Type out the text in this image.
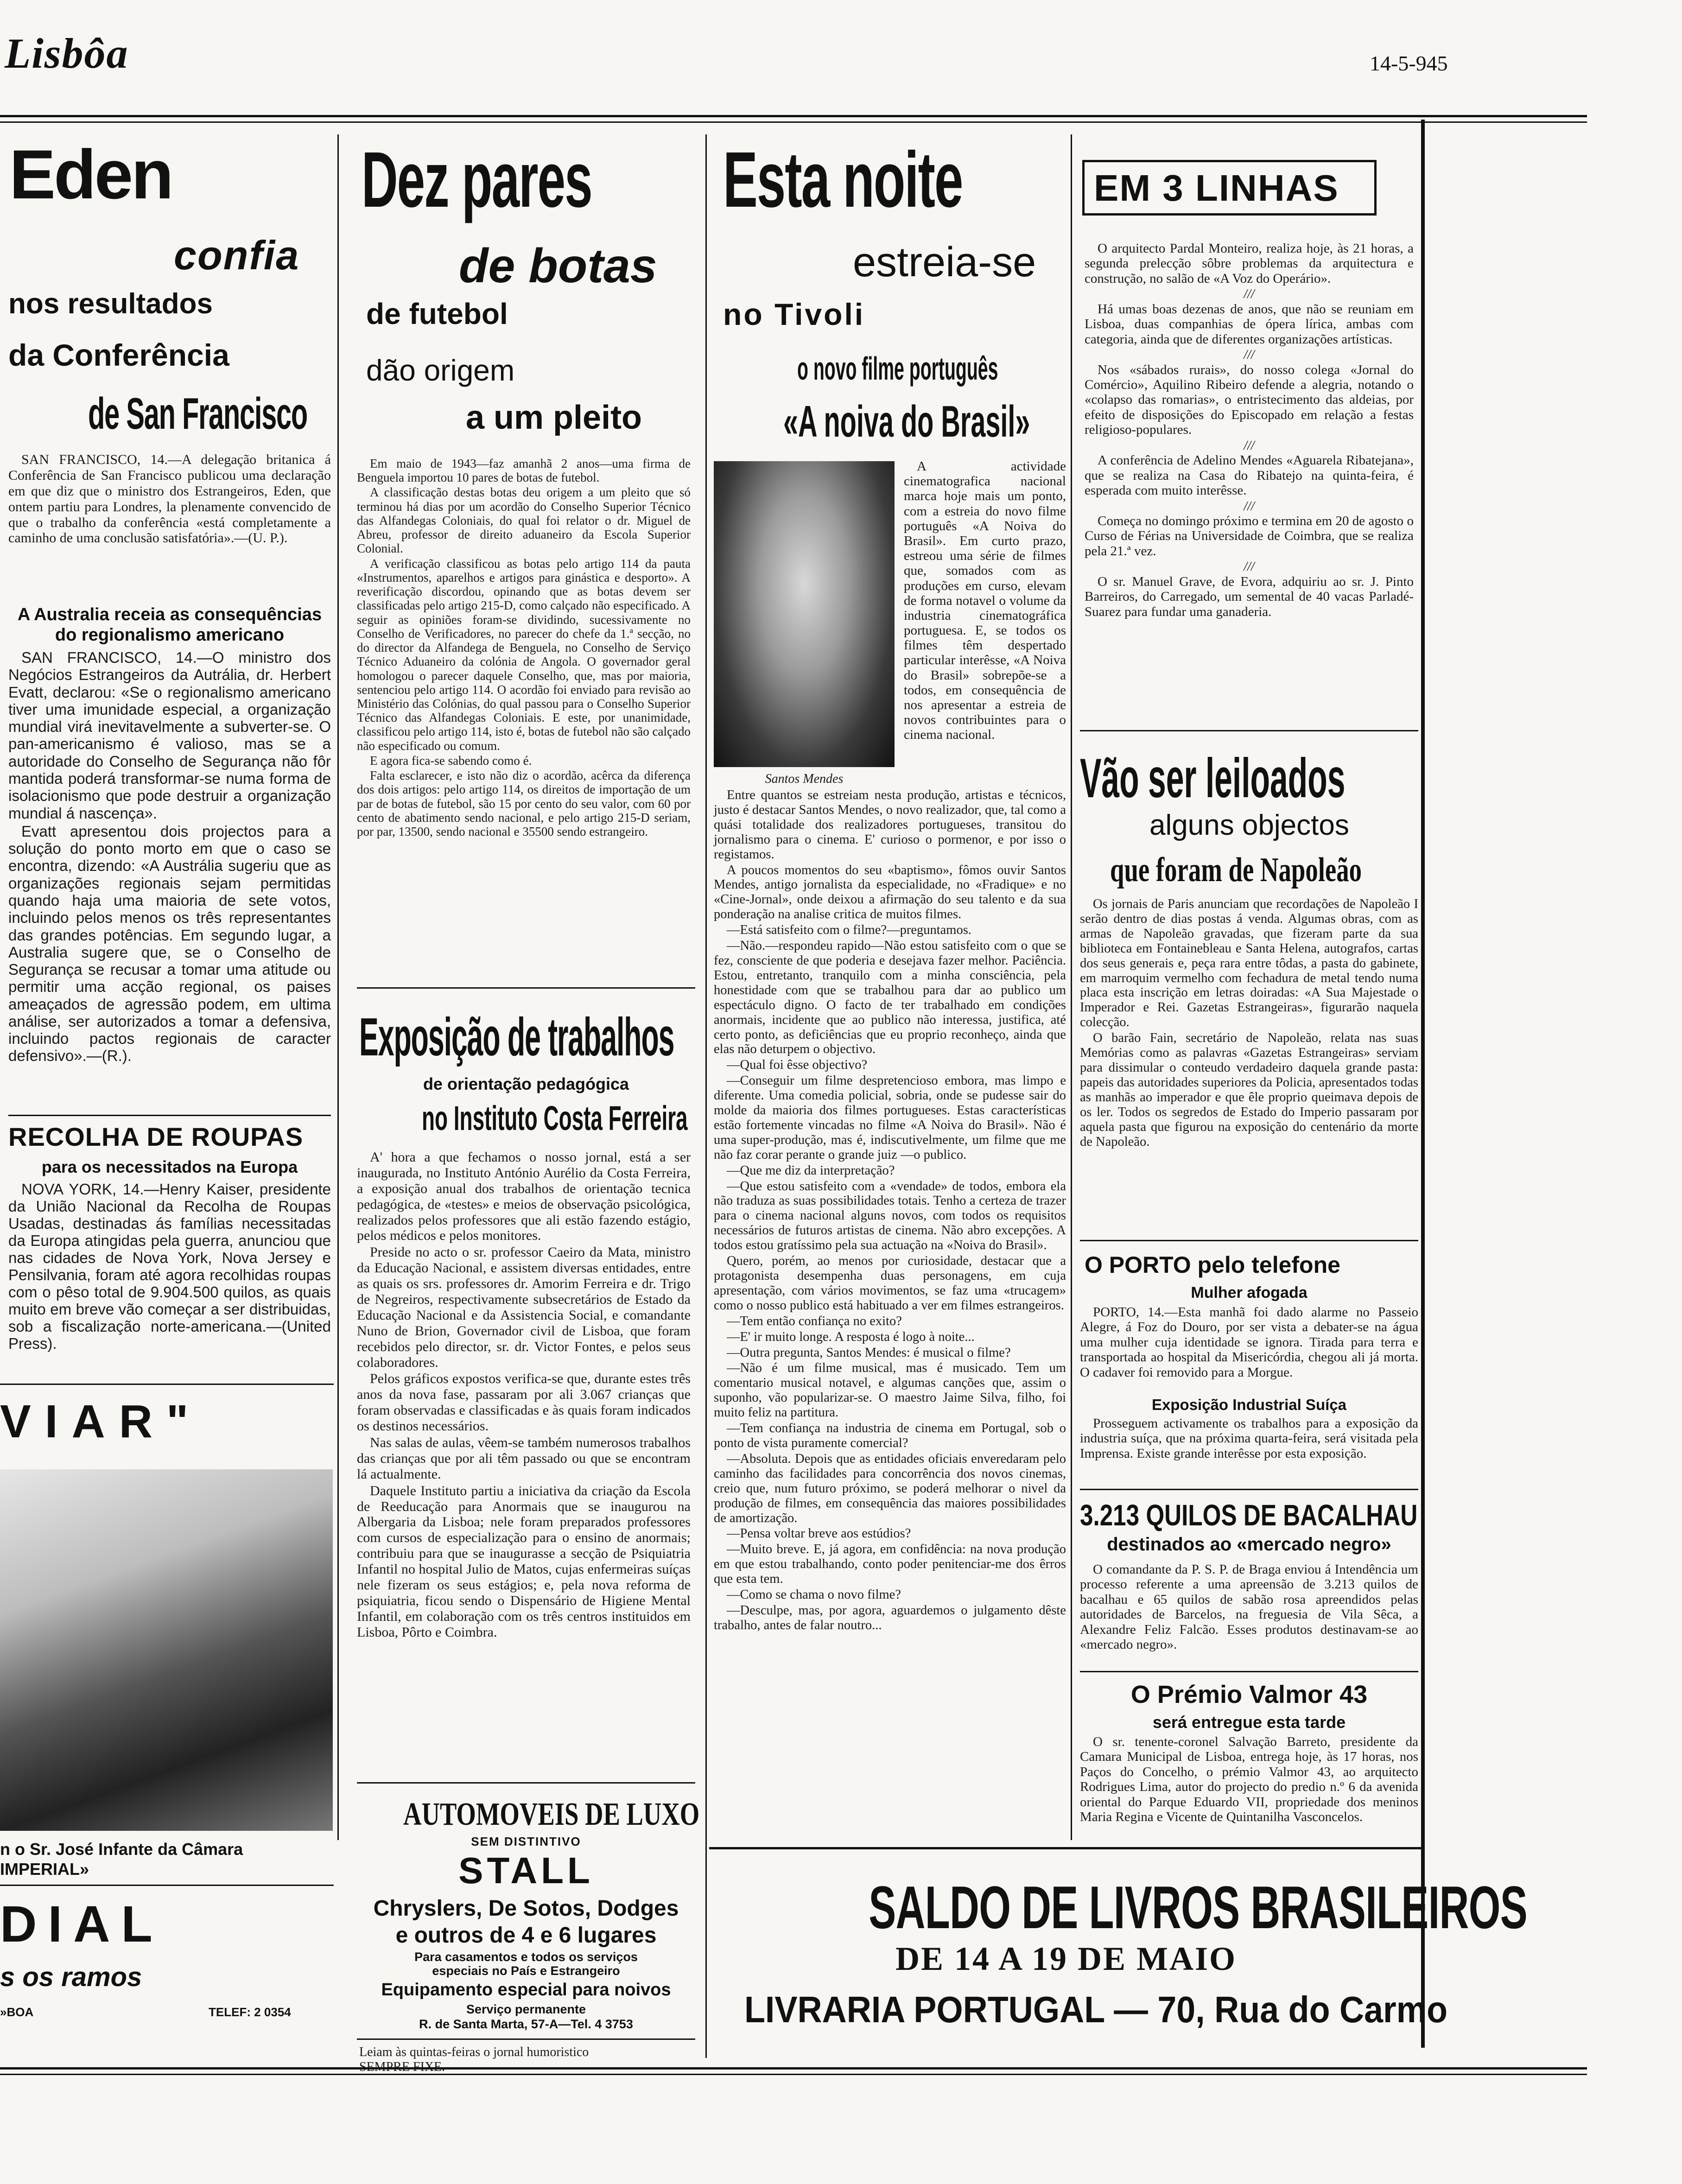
Lisbôa	14-5-945
Eden
confia
nos resultados
da Conferência
de San Francisco

SAN FRANCISCO, 14.—A delegação britanica á Conferência de San Francisco publicou uma declaração em que diz que o ministro dos Estrangeiros, Eden, que ontem partiu para Londres, la plenamente convencido de que o trabalho da conferência «está completamente a caminho de uma conclusão satisfatória».—(U. P.).

A Australia receia as consequências do regionalismo americano

SAN FRANCISCO, 14.—O ministro dos Negócios Estrangeiros da Autrália, dr. Herbert Evatt, declarou: «Se o regionalismo americano tiver uma imunidade especial, a organização mundial virá inevitavelmente a subverter-se. O pan-americanismo é valioso, mas se a autoridade do Conselho de Segurança não fôr mantida poderá transformar-se numa forma de isolacionismo que pode destruir a organização mundial á nascença».

Evatt apresentou dois projectos para a solução do ponto morto em que o caso se encontra, dizendo: «A Austrália sugeriu que as organizações regionais sejam permitidas quando haja uma maioria de sete votos, incluindo pelos menos os três representantes das grandes potências. Em segundo lugar, a Australia sugere que, se o Conselho de Segurança se recusar a tomar uma atitude ou permitir uma acção regional, os paises ameaçados de agressão podem, em ultima análise, ser autorizados a tomar a defensiva, incluindo pactos regionais de caracter defensivo».—(R.).

RECOLHA DE ROUPAS
para os necessitados na Europa

NOVA YORK, 14.—Henry Kaiser, presidente da União Nacional da Recolha de Roupas Usadas, destinadas ás famílias necessitadas da Europa atingidas pela guerra, anunciou que nas cidades de Nova York, Nova Jersey e Pensilvania, foram até agora recolhidas roupas com o pêso total de 9.904.500 quilos, as quais muito em breve vão começar a ser distribuidas, sob a fiscalização norte-americana.—(United Press).

VIAR"
n o Sr. José Infante da Câmara IMPERIAL»
DIAL
s os ramos
»BOA	TELEF: 2 0354
Dez pares
de botas
de futebol
dão origem
a um pleito

Em maio de 1943—faz amanhã 2 anos—uma firma de Benguela importou 10 pares de botas de futebol.

A classificação destas botas deu origem a um pleito que só terminou há dias por um acordão do Conselho Superior Técnico das Alfandegas Coloniais, do qual foi relator o dr. Miguel de Abreu, professor de direito aduaneiro da Escola Superior Colonial.

A verificação classificou as botas pelo artigo 114 da pauta «Instrumentos, aparelhos e artigos para ginástica e desporto». A reverificação discordou, opinando que as botas devem ser classificadas pelo artigo 215-D, como calçado não especificado. A seguir as opiniões foram-se dividindo, sucessivamente no Conselho de Verificadores, no parecer do chefe da 1.ª secção, no do director da Alfandega de Benguela, no Conselho de Serviço Técnico Aduaneiro da colónia de Angola. O governador geral homologou o parecer daquele Conselho, que, mas por maioria, sentenciou pelo artigo 114. O acordão foi enviado para revisão ao Ministério das Colónias, do qual passou para o Conselho Superior Técnico das Alfandegas Coloniais. E este, por unanimidade, classificou pelo artigo 114, isto é, botas de futebol não são calçado não especificado ou comum.

E agora fica-se sabendo como é.

Falta esclarecer, e isto não diz o acordão, acêrca da diferença dos dois artigos: pelo artigo 114, os direitos de importação de um par de botas de futebol, são 15 por cento do seu valor, com 60 por cento de abatimento sendo nacional, e pelo artigo 215-D seriam, por par, 13500, sendo nacional e 35500 sendo estrangeiro.

Exposição de trabalhos
de orientação pedagógica
no Instituto Costa Ferreira

A' hora a que fechamos o nosso jornal, está a ser inaugurada, no Instituto António Aurélio da Costa Ferreira, a exposição anual dos trabalhos de orientação tecnica pedagógica, de «testes» e meios de observação psicológica, realizados pelos professores que ali estão fazendo estágio, pelos médicos e pelos monitores.

Preside no acto o sr. professor Caeiro da Mata, ministro da Educação Nacional, e assistem diversas entidades, entre as quais os srs. professores dr. Amorim Ferreira e dr. Trigo de Negreiros, respectivamente subsecretários de Estado da Educação Nacional e da Assistencia Social, e comandante Nuno de Brion, Governador civil de Lisboa, que foram recebidos pelo director, sr. dr. Victor Fontes, e pelos seus colaboradores.

Pelos gráficos expostos verifica-se que, durante estes três anos da nova fase, passaram por ali 3.067 crianças que foram observadas e classificadas e às quais foram indicados os destinos necessários.

Nas salas de aulas, vêem-se também numerosos trabalhos das crianças que por ali têm passado ou que se encontram lá actualmente.

Daquele Instituto partiu a iniciativa da criação da Escola de Reeducação para Anormais que se inaugurou na Albergaria da Lisboa; nele foram preparados professores com cursos de especialização para o ensino de anormais; contribuiu para que se inaugurasse a secção de Psiquiatria Infantil no hospital Julio de Matos, cujas enfermeiras suíças nele fizeram os seus estágios; e, pela nova reforma de psiquiatria, ficou sendo o Dispensário de Higiene Mental Infantil, em colaboração com os três centros instituidos em Lisboa, Pôrto e Coimbra.

AUTOMOVEIS DE LUXO
SEM DISTINTIVO
STALL
Chryslers, De Sotos, Dodges
e outros de 4 e 6 lugares
Para casamentos e todos os serviços especiais no País e Estrangeiro
Equipamento especial para noivos
Serviço permanente
R. de Santa Marta, 57-A—Tel. 4 3753
Leiam às quintas-feiras o jornal humoristico
Esta noite
estreia-se
no Tivoli
o novo filme português
«A noiva do Brasil»
Santos Mendes

A actividade cinematografica nacional marca hoje mais um ponto, com a estreia do novo filme português «A Noiva do Brasil». Em curto prazo, estreou uma série de filmes que, somados com as produções em curso, elevam de forma notavel o volume da industria cinematográfica portuguesa. E, se todos os filmes têm despertado particular interêsse, «A Noiva do Brasil» sobrepõe-se a todos, em consequência de nos apresentar a estreia de novos contribuintes para o cinema nacional.

Entre quantos se estreiam nesta produção, artistas e técnicos, justo é destacar Santos Mendes, o novo realizador, que, tal como a quási totalidade dos realizadores portugueses, transitou do jornalismo para o cinema. E' curioso o pormenor, e por isso o registamos.

A poucos momentos do seu «baptismo», fômos ouvir Santos Mendes, antigo jornalista da especialidade, no «Fradique» e no «Cine-Jornal», onde deixou a afirmação do seu talento e da sua ponderação na analise critica de muitos filmes.

—Está satisfeito com o filme?—preguntamos.

—Não.—respondeu rapido—Não estou satisfeito com o que se fez, consciente de que poderia e desejava fazer melhor. Paciência. Estou, entretanto, tranquilo com a minha consciência, pela honestidade com que se trabalhou para dar ao publico um espectáculo digno. O facto de ter trabalhado em condições anormais, incidente que ao publico não interessa, justifica, até certo ponto, as deficiências que eu proprio reconheço, ainda que elas não deturpem o objectivo.

—Qual foi êsse objectivo?

—Conseguir um filme despretencioso embora, mas limpo e diferente. Uma comedia policial, sobria, onde se pudesse sair do molde da maioria dos filmes portugueses. Estas características estão fortemente vincadas no filme «A Noiva do Brasil». Não é uma super-produção, mas é, indiscutivelmente, um filme que me não faz corar perante o grande juiz —o publico.

—Que me diz da interpretação?

—Que estou satisfeito com a «vendade» de todos, embora ela não traduza as suas possibilidades totais. Tenho a certeza de trazer para o cinema nacional alguns novos, com todos os requisitos necessários de futuros artistas de cinema. Não abro excepções. A todos estou gratíssimo pela sua actuação na «Noiva do Brasil».

Quero, porém, ao menos por curiosidade, destacar que a protagonista desempenha duas personagens, em cuja apresentação, com vários movimentos, se faz uma «trucagem» como o nosso publico está habituado a ver em filmes estrangeiros.

—Tem então confiança no exito?

—E' ir muito longe. A resposta é logo à noite...

—Outra pregunta, Santos Mendes: é musical o filme?

—Não é um filme musical, mas é musicado. Tem um comentario musical notavel, e algumas canções que, assim o suponho, vão popularizar-se. O maestro Jaime Silva, filho, foi muito feliz na partitura.

—Tem confiança na industria de cinema em Portugal, sob o ponto de vista puramente comercial?

—Absoluta. Depois que as entidades oficiais enveredaram pelo caminho das facilidades para concorrência dos novos cinemas, creio que, num futuro próximo, se poderá melhorar o nivel da produção de filmes, em consequência das maiores possibilidades de amortização.

—Pensa voltar breve aos estúdios?

—Muito breve. E, já agora, em confidência: na nova produção em que estou trabalhando, conto poder penitenciar-me dos êrros que esta tem.

—Como se chama o novo filme?

—Desculpe, mas, por agora, aguardemos o julgamento dêste trabalho, antes de falar noutro...

EM 3 LINHAS

O arquitecto Pardal Monteiro, realiza hoje, às 21 horas, a segunda prelecção sôbre problemas da arquitectura e construção, no salão de «A Voz do Operário».

///

Há umas boas dezenas de anos, que não se reuniam em Lisboa, duas companhias de ópera lírica, ambas com categoria, ainda que de diferentes organizações artísticas.

///

Nos «sábados rurais», do nosso colega «Jornal do Comércio», Aquilino Ribeiro defende a alegria, notando o «colapso das romarias», o entristecimento das aldeias, por efeito de disposições do Episcopado em relação a festas religioso-populares.

///

A conferência de Adelino Mendes «Aguarela Ribatejana», que se realiza na Casa do Ribatejo na quinta-feira, é esperada com muito interêsse.

///

Começa no domingo próximo e termina em 20 de agosto o Curso de Férias na Universidade de Coimbra, que se realiza pela 21.ª vez.

///

O sr. Manuel Grave, de Evora, adquiriu ao sr. J. Pinto Barreiros, do Carregado, um semental de 40 vacas Parladé-Suarez para fundar uma ganaderia.

Vão ser leiloados
alguns objectos
que foram de Napoleão

Os jornais de Paris anunciam que recordações de Napoleão I serão dentro de dias postas á venda. Algumas obras, com as armas de Napoleão gravadas, que fizeram parte da sua biblioteca em Fontainebleau e Santa Helena, autografos, cartas dos seus generais e, peça rara entre tôdas, a pasta do gabinete, em marroquim vermelho com fechadura de metal tendo numa placa esta inscrição em letras doiradas: «A Sua Majestade o Imperador e Rei. Gazetas Estrangeiras», figurarão naquela colecção.

O barão Fain, secretário de Napoleão, relata nas suas Memórias como as palavras «Gazetas Estrangeiras» serviam para dissimular o conteudo verdadeiro daquela grande pasta: papeis das autoridades superiores da Policia, apresentados todas as manhãs ao imperador e que êle proprio queimava depois de os ler. Todos os segredos de Estado do Imperio passaram por aquela pasta que figurou na exposição do centenário da morte de Napoleão.

O PORTO pelo telefone
Mulher afogada

PORTO, 14.—Esta manhã foi dado alarme no Passeio Alegre, á Foz do Douro, por ser vista a debater-se na água uma mulher cuja identidade se ignora. Tirada para terra e transportada ao hospital da Misericórdia, chegou ali já morta. O cadaver foi removido para a Morgue.

Exposição Industrial Suíça

Prosseguem activamente os trabalhos para a exposição da industria suíça, que na próxima quarta-feira, será visitada pela Imprensa. Existe grande interêsse por esta exposição.

3.213 QUILOS DE BACALHAU
destinados ao «mercado negro»

O comandante da P. S. P. de Braga enviou á Intendência um processo referente a uma apreensão de 3.213 quilos de bacalhau e 65 quilos de sabão rosa apreendidos pelas autoridades de Barcelos, na freguesia de Vila Sêca, a Alexandre Feliz Falcão. Esses produtos destinavam-se ao «mercado negro».

O Prémio Valmor 43
será entregue esta tarde

O sr. tenente-coronel Salvação Barreto, presidente da Camara Municipal de Lisboa, entrega hoje, às 17 horas, nos Paços do Concelho, o prémio Valmor 43, ao arquitecto Rodrigues Lima, autor do projecto do predio n.º 6 da avenida oriental do Parque Eduardo VII, propriedade dos meninos Maria Regina e Vicente de Quintanilha Vasconcelos.

SALDO DE LIVROS BRASILEIROS
DE 14 A 19 DE MAIO
LIVRARIA PORTUGAL — 70, Rua do Carmo
